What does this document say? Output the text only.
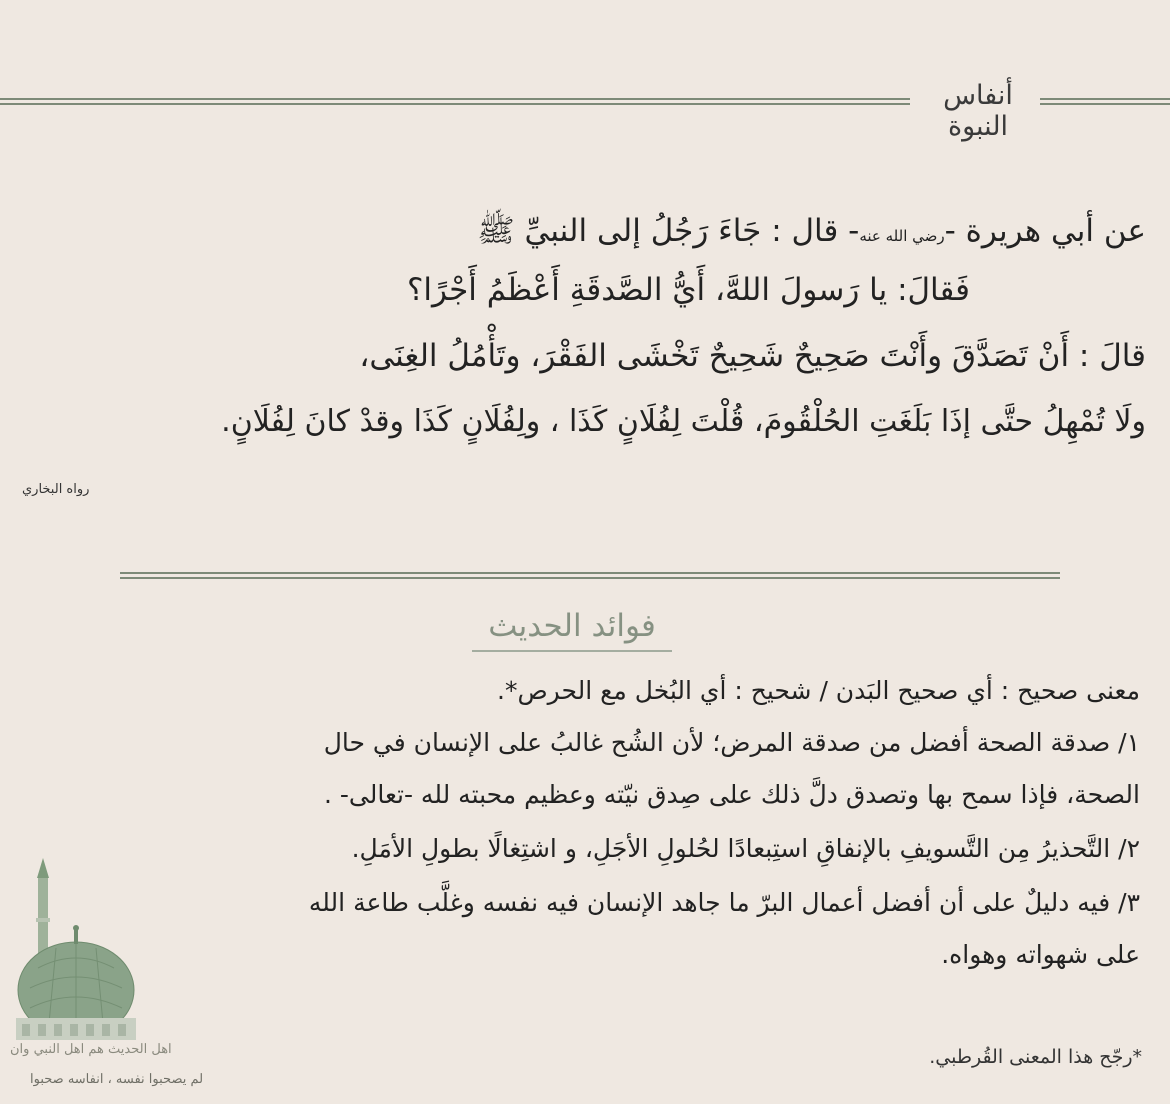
أنفاس النبوة
عن أبي هريرة -رضي الله عنه- قال : جَاءَ رَجُلُ إلى النبيِّ ﷺ
فَقالَ: يا رَسولَ اللهَّ، أَيُّ الصَّدقَةِ أَعْظَمُ أَجْرًا؟
قالَ : أَنْ تَصَدَّقَ وأَنْتَ صَحِيحٌ شَحِيحٌ تَخْشَى الفَقْرَ، وتَأْمُلُ الغِنَى،
ولَا تُمْهِلُ حتَّى إذَا بَلَغَتِ الحُلْقُومَ، قُلْتَ لِفُلَانٍ كَذَا ، ولِفُلَانٍ كَذَا وقدْ كانَ لِفُلَانٍ.
رواه البخاري
فوائد الحديث
معنى صحيح : أي صحيح البَدن / شحيح : أي البُخل مع الحرص*.
١/ صدقة الصحة أفضل من صدقة المرض؛ لأن الشُح غالبُ على الإنسان في حال
الصحة، فإذا سمح بها وتصدق دلَّ ذلك على صِدق نيّته وعظيم محبته لله -تعالى- .
٢/ التَّحذيرُ مِن التَّسويفِ بالإنفاقِ استِبعادًا لحُلولِ الأجَلِ، و اشتِغالًا بطولِ الأمَلِ.
٣/ فيه دليلٌ على أن أفضل أعمال البرّ ما جاهد الإنسان فيه نفسه وغلَّب طاعة الله
على شهواته وهواه.
اهل الحديث هم اهل النبي وان
لم يصحبوا نفسه ، انفاسه صحبوا
*رجّح هذا المعنى القُرطبي.
